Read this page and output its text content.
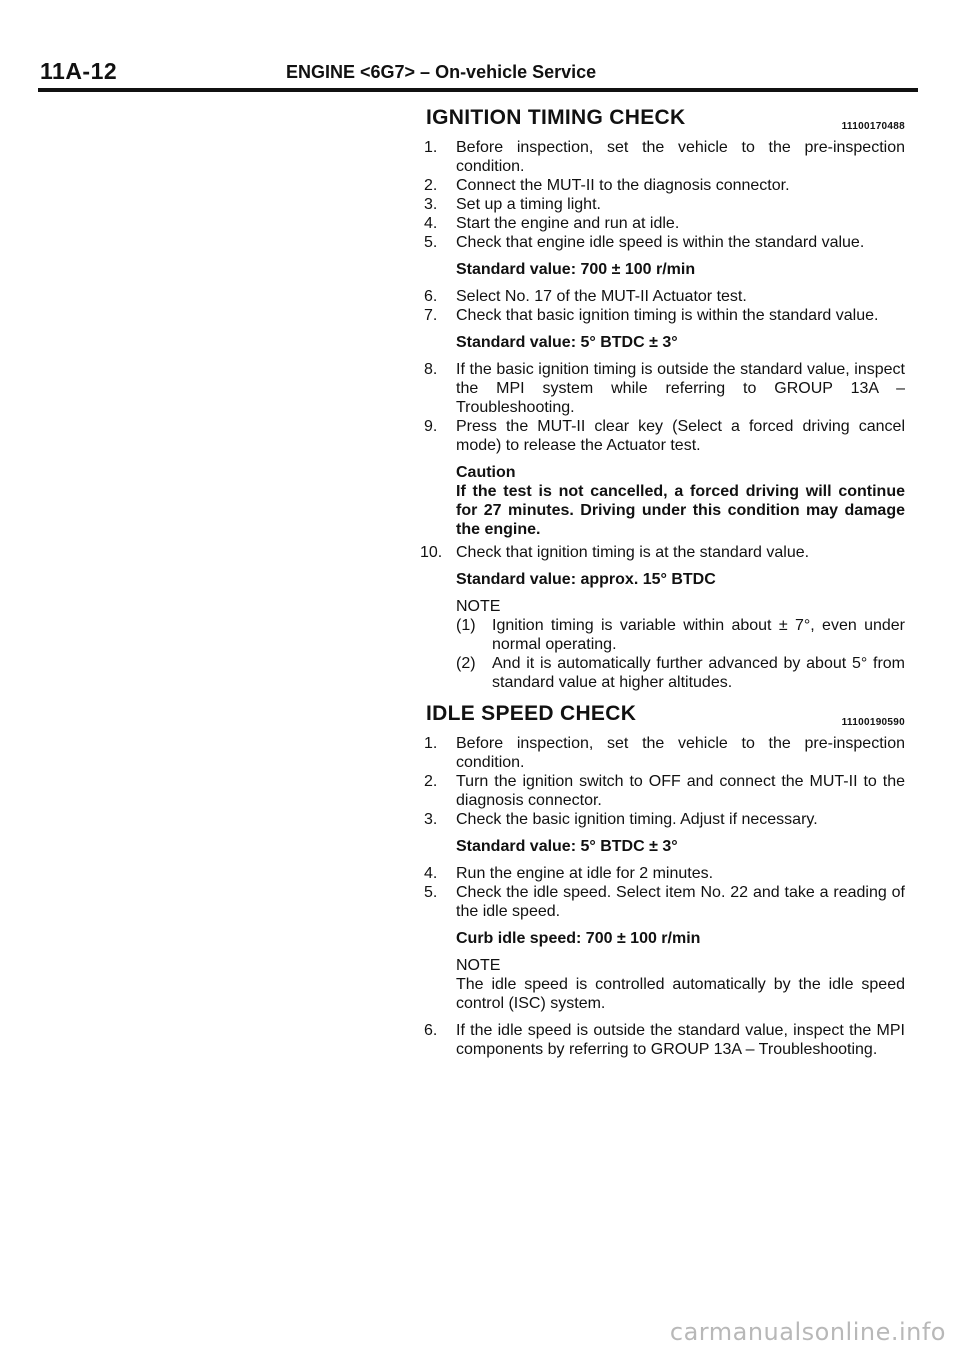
11A-12	ENGINE <6G7> – On-vehicle Service
IGNITION TIMING CHECK	11100170488
1. Before inspection, set the vehicle to the pre-inspection condition.
2. Connect the MUT-II to the diagnosis connector.
3. Set up a timing light.
4. Start the engine and run at idle.
5. Check that engine idle speed is within the standard value.
Standard value: 700 ± 100 r/min
6. Select No. 17 of the MUT-II Actuator test.
7. Check that basic ignition timing is within the standard value.
Standard value: 5° BTDC ± 3°
8. If the basic ignition timing is outside the standard value, inspect the MPI system while referring to GROUP 13A – Troubleshooting.
9. Press the MUT-II clear key (Select a forced driving cancel mode) to release the Actuator test.
Caution
If the test is not cancelled, a forced driving will continue for 27 minutes. Driving under this condition may damage the engine.
10. Check that ignition timing is at the standard value.
Standard value: approx. 15° BTDC
NOTE
(1) Ignition timing is variable within about ± 7°, even under normal operating.
(2) And it is automatically further advanced by about 5° from standard value at higher altitudes.
IDLE SPEED CHECK	11100190590
1. Before inspection, set the vehicle to the pre-inspection condition.
2. Turn the ignition switch to OFF and connect the MUT-II to the diagnosis connector.
3. Check the basic ignition timing. Adjust if necessary.
Standard value: 5° BTDC ± 3°
4. Run the engine at idle for 2 minutes.
5. Check the idle speed. Select item No. 22 and take a reading of the idle speed.
Curb idle speed: 700 ± 100 r/min
NOTE
The idle speed is controlled automatically by the idle speed control (ISC) system.
6. If the idle speed is outside the standard value, inspect the MPI components by referring to GROUP 13A – Troubleshooting.
carmanualsonline.info
